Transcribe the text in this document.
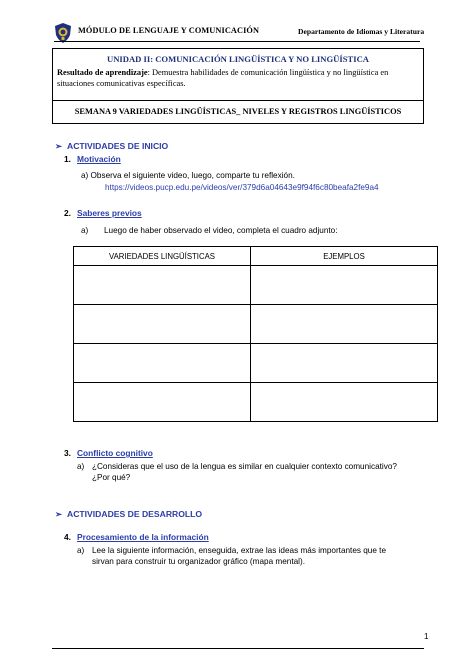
MÓDULO DE LENGUAJE Y COMUNICACIÓN	Departamento de Idiomas y Literatura
UNIDAD II: COMUNICACIÓN LINGÜÍSTICA Y NO LINGÜÍSTICA
Resultado de aprendizaje: Demuestra habilidades de comunicación lingüística y no lingüística en situaciones comunicativas específicas.
SEMANA 9 VARIEDADES LINGÜÍSTICAS_ NIVELES Y REGISTROS LINGÜÍSTICOS
➢ ACTIVIDADES DE INICIO
1. Motivación
a) Observa el siguiente video, luego, comparte tu reflexión.
https://videos.pucp.edu.pe/videos/ver/379d6a04643e9f94f6c80beafa2fe9a4
2. Saberes previos
a) Luego de haber observado el video, completa el cuadro adjunto:
VARIEDADES LINGÜÍSTICAS	EJEMPLOS

3. Conflicto cognitivo
a) ¿Consideras que el uso de la lengua es similar en cualquier contexto comunicativo?
¿Por qué?
➢ ACTIVIDADES DE DESARROLLO
4. Procesamiento de la información
a) Lee la siguiente información, enseguida, extrae las ideas más importantes que te
sirvan para construir tu organizador gráfico (mapa mental).
1
